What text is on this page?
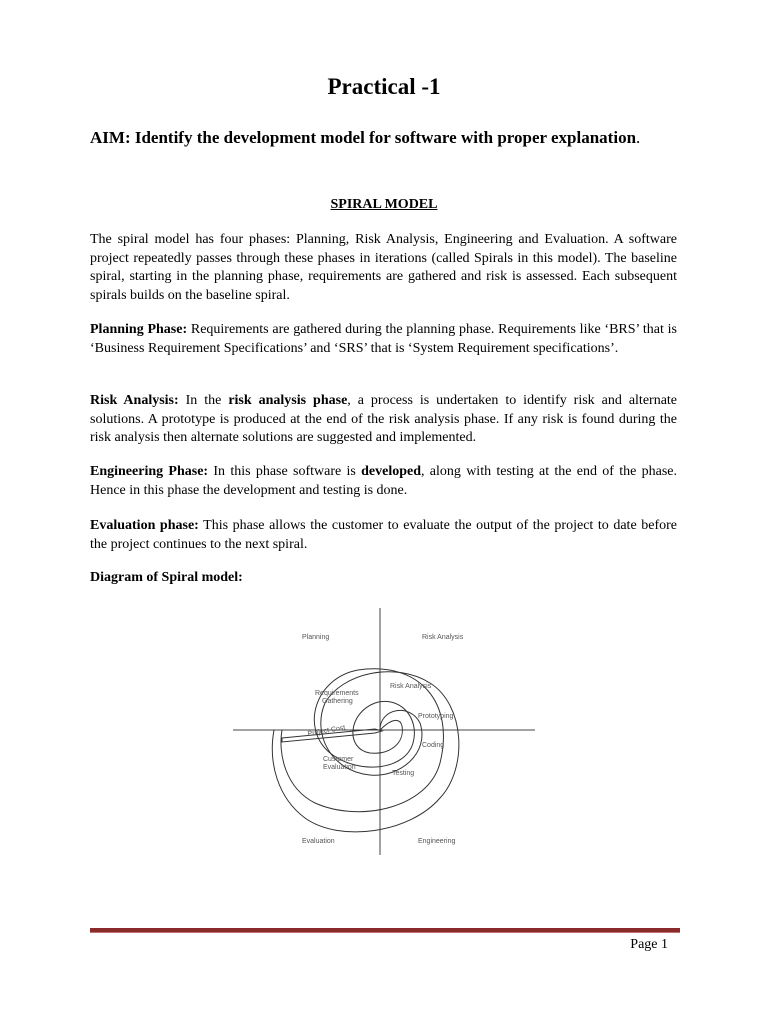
Practical -1
AIM: Identify the development model for software with proper explanation.
SPIRAL MODEL

The spiral model has four phases: Planning, Risk Analysis, Engineering and Evaluation. A software project repeatedly passes through these phases in iterations (called Spirals in this model). The baseline spiral, starting in the planning phase, requirements are gathered and risk is assessed. Each subsequent spirals builds on the baseline spiral.

Planning Phase: Requirements are gathered during the planning phase. Requirements like ‘BRS’ that is ‘Business Requirement Specifications’ and ‘SRS’ that is ‘System Requirement specifications’.

Risk Analysis: In the risk analysis phase, a process is undertaken to identify risk and alternate solutions. A prototype is produced at the end of the risk analysis phase. If any risk is found during the risk analysis then alternate solutions are suggested and implemented.

Engineering Phase: In this phase software is developed, along with testing at the end of the phase. Hence in this phase the development and testing is done.

Evaluation phase: This phase allows the customer to evaluate the output of the project to date before the project continues to the next spiral.

Diagram of Spiral model:
Planning	Risk Analysis
Evaluation	Engineering
Requirements
Gathering
Risk Analysis
Prototyping
Coding
Testing
Customer
Evaluation
Project Cost
Page 1
